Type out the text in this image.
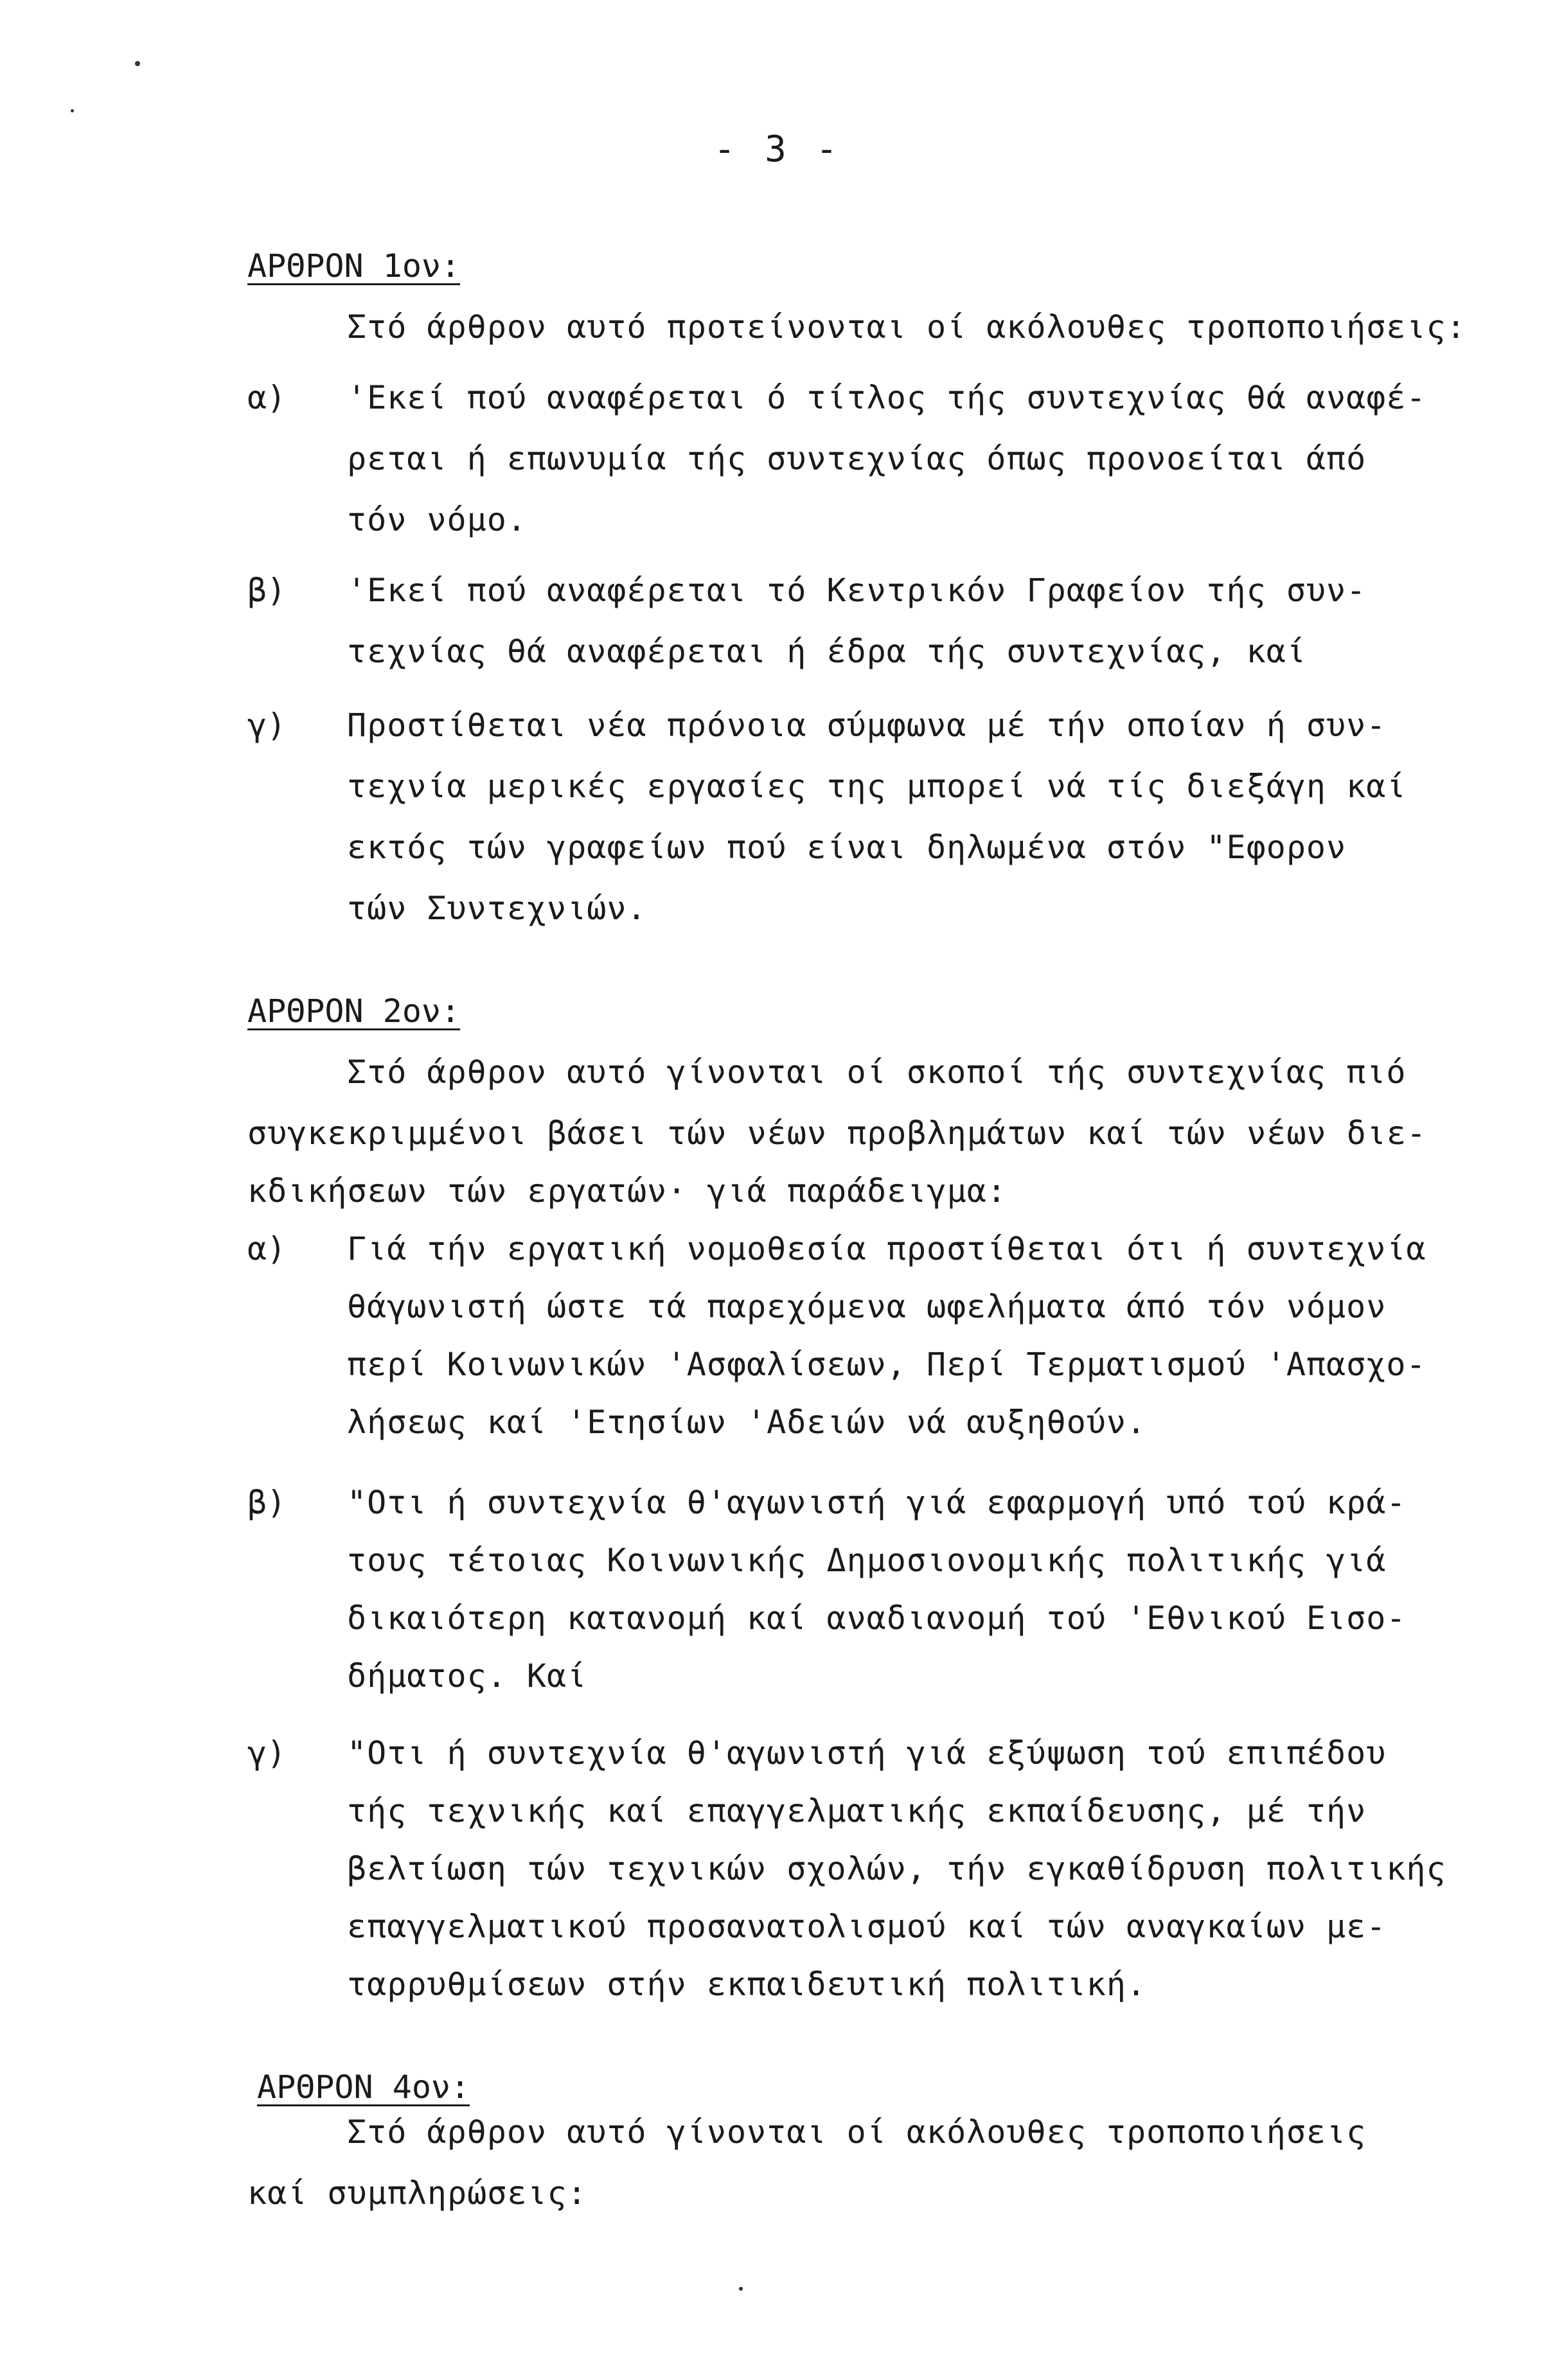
- 3 -
ΑΡΘΡΟΝ 1ον:
Στό άρθρον αυτό προτείνονται οί ακόλουθες τροποποιήσεις:
α) 'Εκεί πού αναφέρεται ό τίτλος τής συντεχνίας θά αναφέ-
ρεται ή επωνυμία τής συντεχνίας όπως προνοείται άπό
τόν νόμο.
β) 'Εκεί πού αναφέρεται τό Κεντρικόν Γραφείον τής συν-
τεχνίας θά αναφέρεται ή έδρα τής συντεχνίας, καί
γ) Προστίθεται νέα πρόνοια σύμφωνα μέ τήν οποίαν ή συν-
τεχνία μερικές εργασίες της μπορεί νά τίς διεξάγη καί
εκτός τών γραφείων πού είναι δηλωμένα στόν "Εφορον
τών Συντεχνιών.
ΑΡΘΡΟΝ 2ον:
Στό άρθρον αυτό γίνονται οί σκοποί τής συντεχνίας πιό
συγκεκριμμένοι βάσει τών νέων προβλημάτων καί τών νέων διε-
κδικήσεων τών εργατών· γιά παράδειγμα:
α) Γιά τήν εργατική νομοθεσία προστίθεται ότι ή συντεχνία
θάγωνιστή ώστε τά παρεχόμενα ωφελήματα άπό τόν νόμον
περί Κοινωνικών 'Ασφαλίσεων, Περί Τερματισμού 'Απασχο-
λήσεως καί 'Ετησίων 'Αδειών νά αυξηθούν.
β) "Οτι ή συντεχνία θ'αγωνιστή γιά εφαρμογή υπό τού κρά-
τους τέτοιας Κοινωνικής Δημοσιονομικής πολιτικής γιά
δικαιότερη κατανομή καί αναδιανομή τού 'Εθνικού Εισο-
δήματος. Καί
γ) "Οτι ή συντεχνία θ'αγωνιστή γιά εξύψωση τού επιπέδου
τής τεχνικής καί επαγγελματικής εκπαίδευσης, μέ τήν
βελτίωση τών τεχνικών σχολών, τήν εγκαθίδρυση πολιτικής
επαγγελματικού προσανατολισμού καί τών αναγκαίων με-
ταρρυθμίσεων στήν εκπαιδευτική πολιτική.
ΑΡΘΡΟΝ 4ον:
Στό άρθρον αυτό γίνονται οί ακόλουθες τροποποιήσεις
καί συμπληρώσεις:
